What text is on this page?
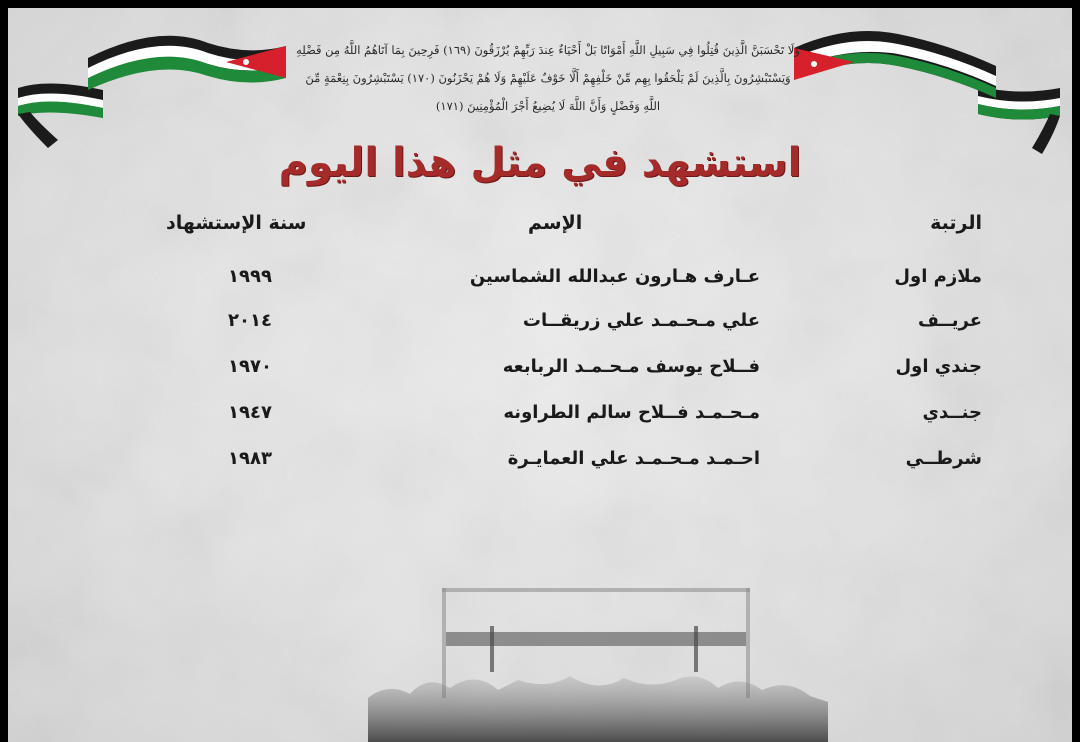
وَلَا تَحْسَبَنَّ الَّذِينَ قُتِلُوا فِي سَبِيلِ اللَّهِ أَمْوَاتًا بَلْ أَحْيَاءٌ عِندَ رَبِّهِمْ يُرْزَقُونَ (١٦٩) فَرِحِينَ بِمَا آتَاهُمُ اللَّهُ مِن فَضْلِهِ
وَيَسْتَبْشِرُونَ بِالَّذِينَ لَمْ يَلْحَقُوا بِهِم مِّنْ خَلْفِهِمْ أَلَّا خَوْفٌ عَلَيْهِمْ وَلَا هُمْ يَحْزَنُونَ (١٧٠) يَسْتَبْشِرُونَ بِنِعْمَةٍ مِّنَ
اللَّهِ وَفَضْلٍ وَأَنَّ اللَّهَ لَا يُضِيعُ أَجْرَ الْمُؤْمِنِينَ (١٧١)
استشهد في مثل هذا اليوم
الرتبة
الإسم
سنة الإستشهاد
ملازم اول
عـارف هـارون عبدالله الشماسين
١٩٩٩
عريــف
علي مـحـمـد علي زريقــات
٢٠١٤
جندي اول
فــلاح يوسف مـحـمـد الربابعه
١٩٧٠
جنــدي
مـحـمـد فــلاح سالم الطراونه
١٩٤٧
شرطــي
احـمـد مـحـمـد علي العمايـرة
١٩٨٣
